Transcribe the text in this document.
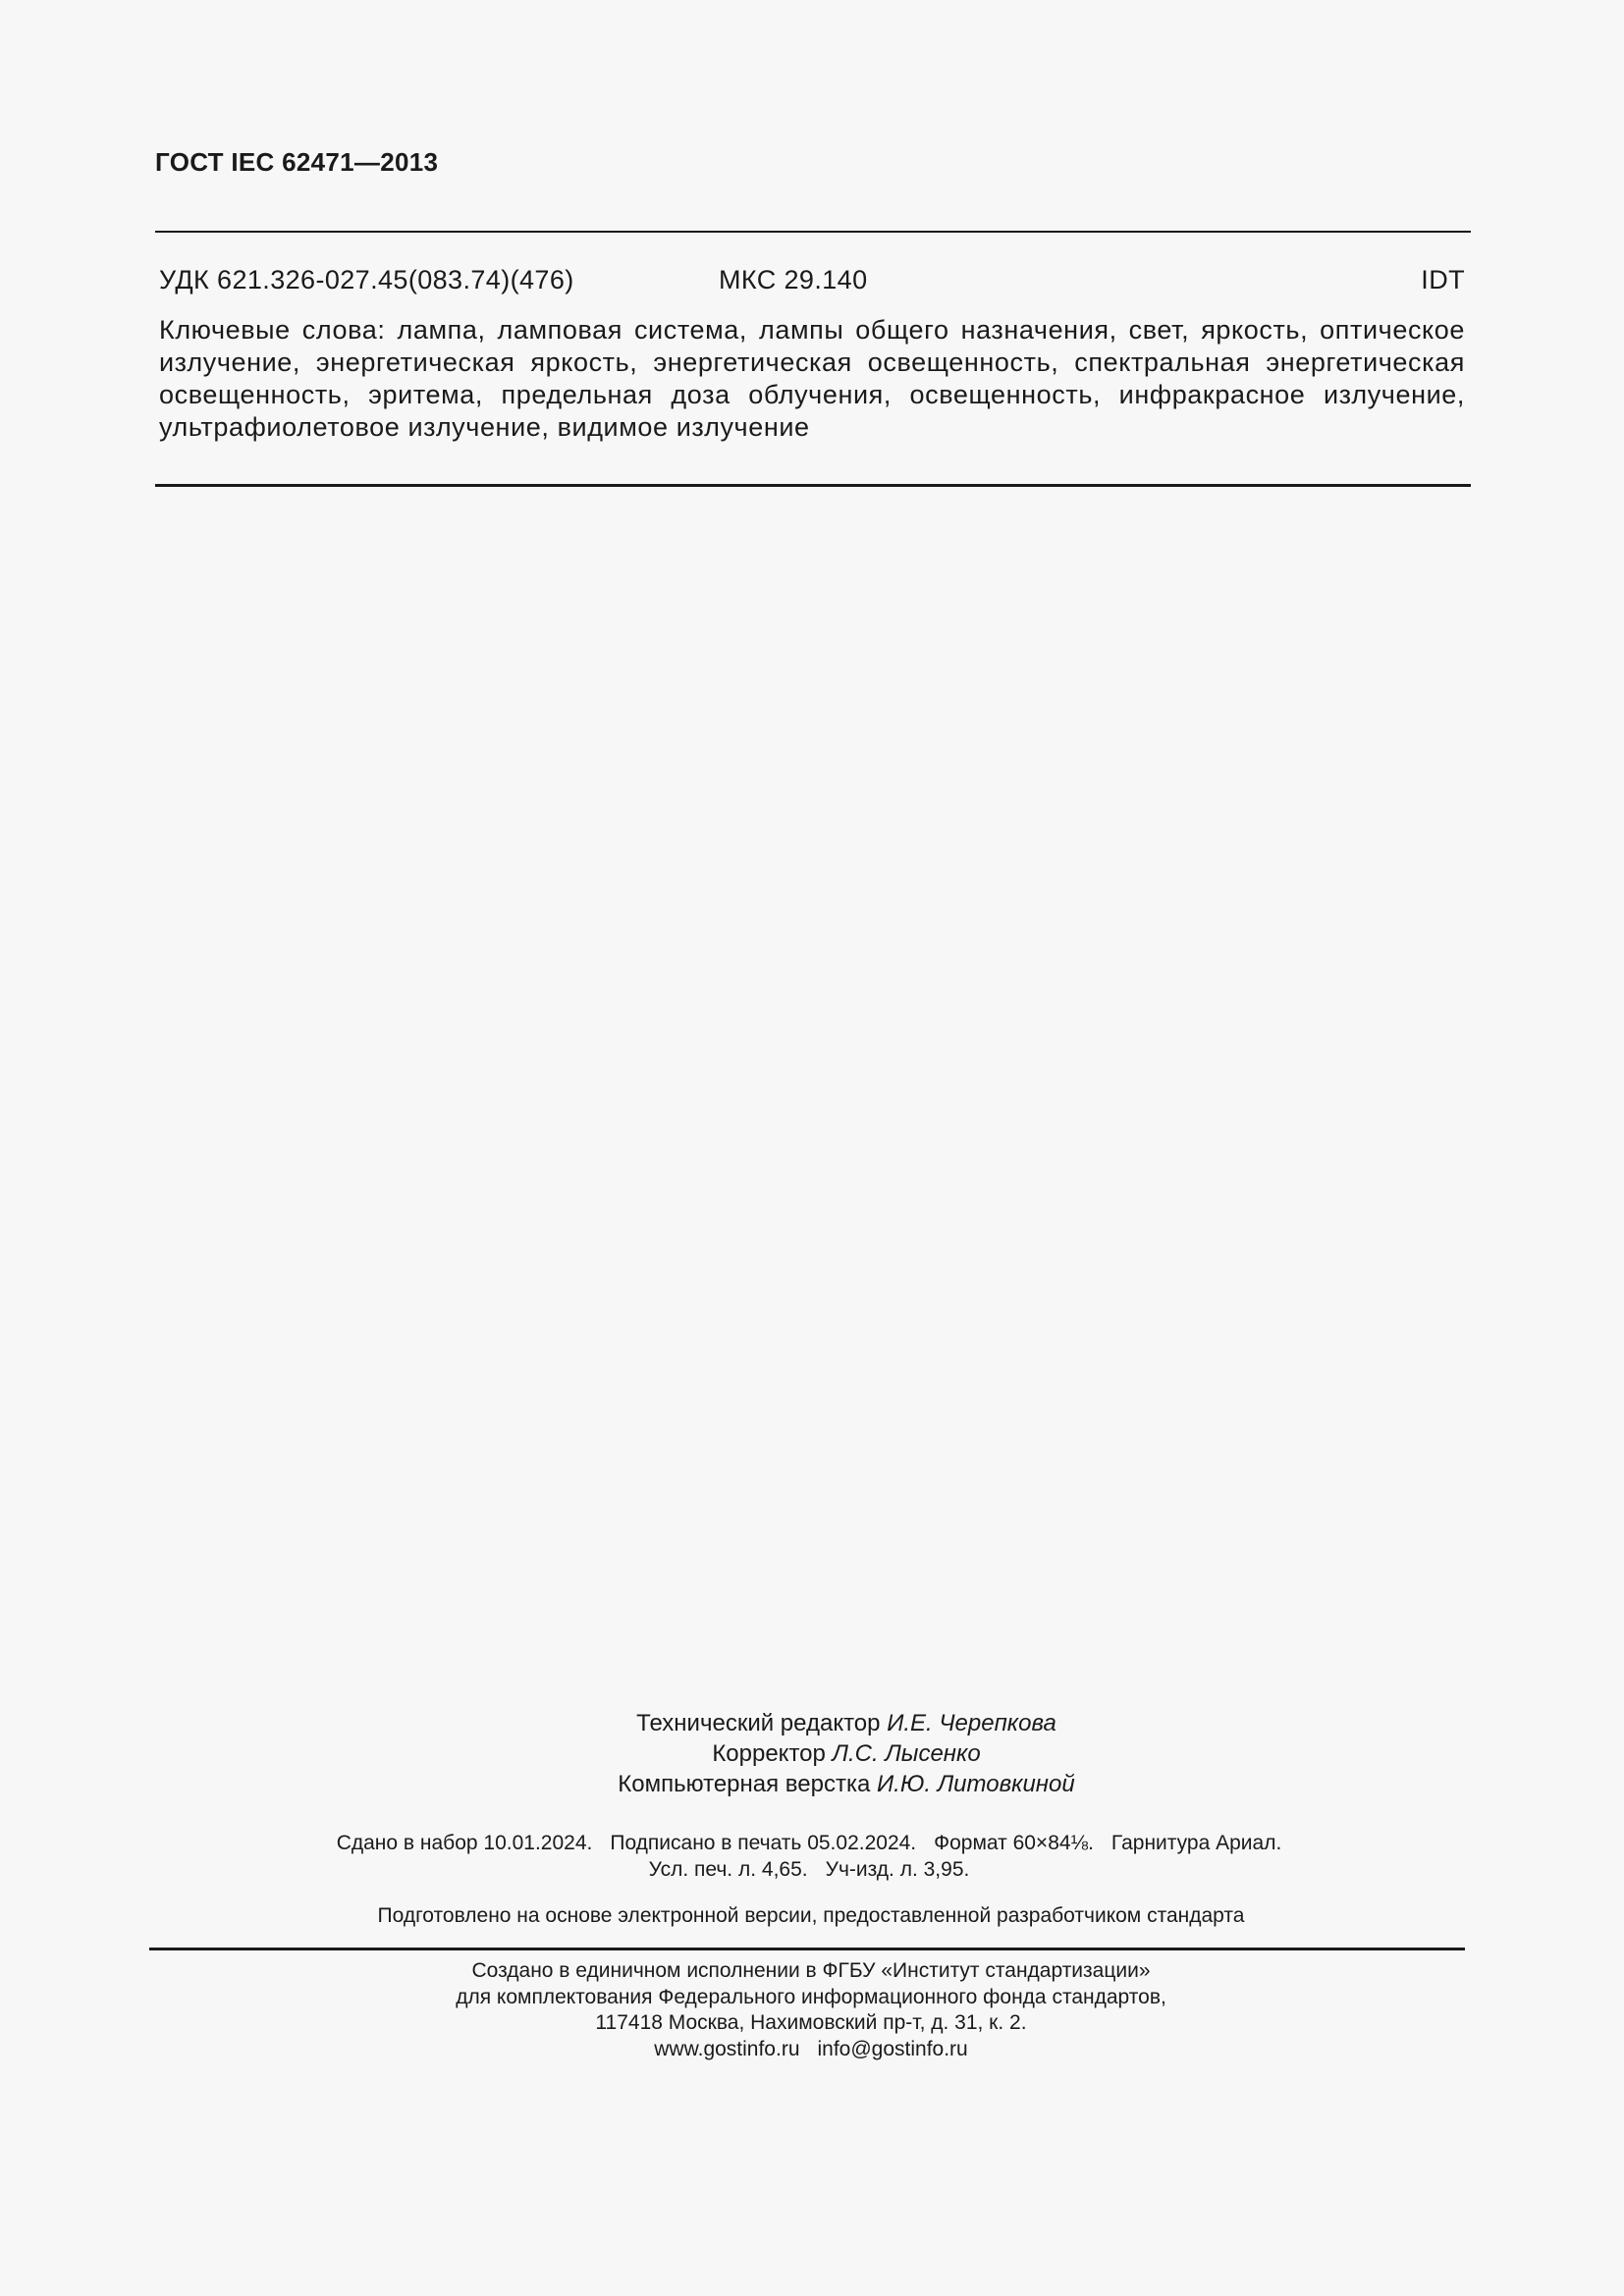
ГОСТ IEC 62471—2013
УДК 621.326-027.45(083.74)(476)	МКС 29.140	IDT
Ключевые слова: лампа, ламповая система, лампы общего назначения, свет, яркость, оптическое излучение, энергетическая яркость, энергетическая освещенность, спектральная энергетическая освещенность, эритема, предельная доза облучения, освещенность, инфракрасное излучение, ультрафиолетовое излучение, видимое излучение
Технический редактор И.Е. Черепкова
Корректор Л.С. Лысенко
Компьютерная верстка И.Ю. Литовкиной
Сдано в набор 10.01.2024. Подписано в печать 05.02.2024. Формат 60×84⅛. Гарнитура Ариал.
Усл. печ. л. 4,65. Уч-изд. л. 3,95.
Подготовлено на основе электронной версии, предоставленной разработчиком стандарта
Создано в единичном исполнении в ФГБУ «Институт стандартизации»
для комплектования Федерального информационного фонда стандартов,
117418 Москва, Нахимовский пр-т, д. 31, к. 2.
www.gostinfo.ru info@gostinfo.ru
